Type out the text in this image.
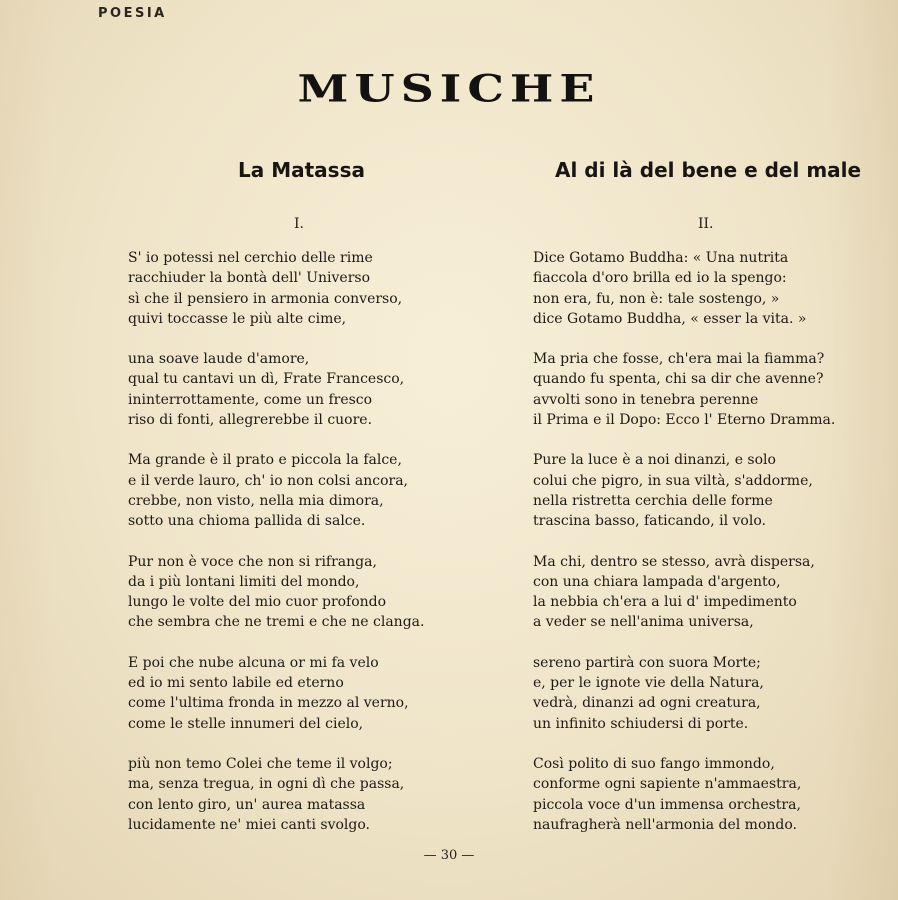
POESIA
MUSICHE
La Matassa
I.
S' io potessi nel cerchio delle rime
racchiuder la bontà dell' Universo
sì che il pensiero in armonia converso,
quivi toccasse le più alte cime,
una soave laude d'amore,
qual tu cantavi un dì, Frate Francesco,
ininterrottamente, come un fresco
riso di fonti, allegrerebbe il cuore.
Ma grande è il prato e piccola la falce,
e il verde lauro, ch' io non colsi ancora,
crebbe, non visto, nella mia dimora,
sotto una chioma pallida di salce.
Pur non è voce che non si rifranga,
da i più lontani limiti del mondo,
lungo le volte del mio cuor profondo
che sembra che ne tremi e che ne clanga.
E poi che nube alcuna or mi fa velo
ed io mi sento labile ed eterno
come l'ultima fronda in mezzo al verno,
come le stelle innumeri del cielo,
più non temo Colei che teme il volgo;
ma, senza tregua, in ogni dì che passa,
con lento giro, un' aurea matassa
lucidamente ne' miei canti svolgo.
Al di là del bene e del male
II.
Dice Gotamo Buddha: « Una nutrita
fiaccola d'oro brilla ed io la spengo:
non era, fu, non è: tale sostengo, »
dice Gotamo Buddha, « esser la vita. »
Ma pria che fosse, ch'era mai la fiamma?
quando fu spenta, chi sa dir che avenne?
avvolti sono in tenebra perenne
il Prima e il Dopo: Ecco l' Eterno Dramma.
Pure la luce è a noi dinanzi, e solo
colui che pigro, in sua viltà, s'addorme,
nella ristretta cerchia delle forme
trascina basso, faticando, il volo.
Ma chi, dentro se stesso, avrà dispersa,
con una chiara lampada d'argento,
la nebbia ch'era a lui d' impedimento
a veder se nell'anima universa,
sereno partirà con suora Morte;
e, per le ignote vie della Natura,
vedrà, dinanzi ad ogni creatura,
un infinito schiudersi di porte.
Così polito di suo fango immondo,
conforme ogni sapiente n'ammaestra,
piccola voce d'un immensa orchestra,
naufragherà nell'armonia del mondo.
— 30 —
